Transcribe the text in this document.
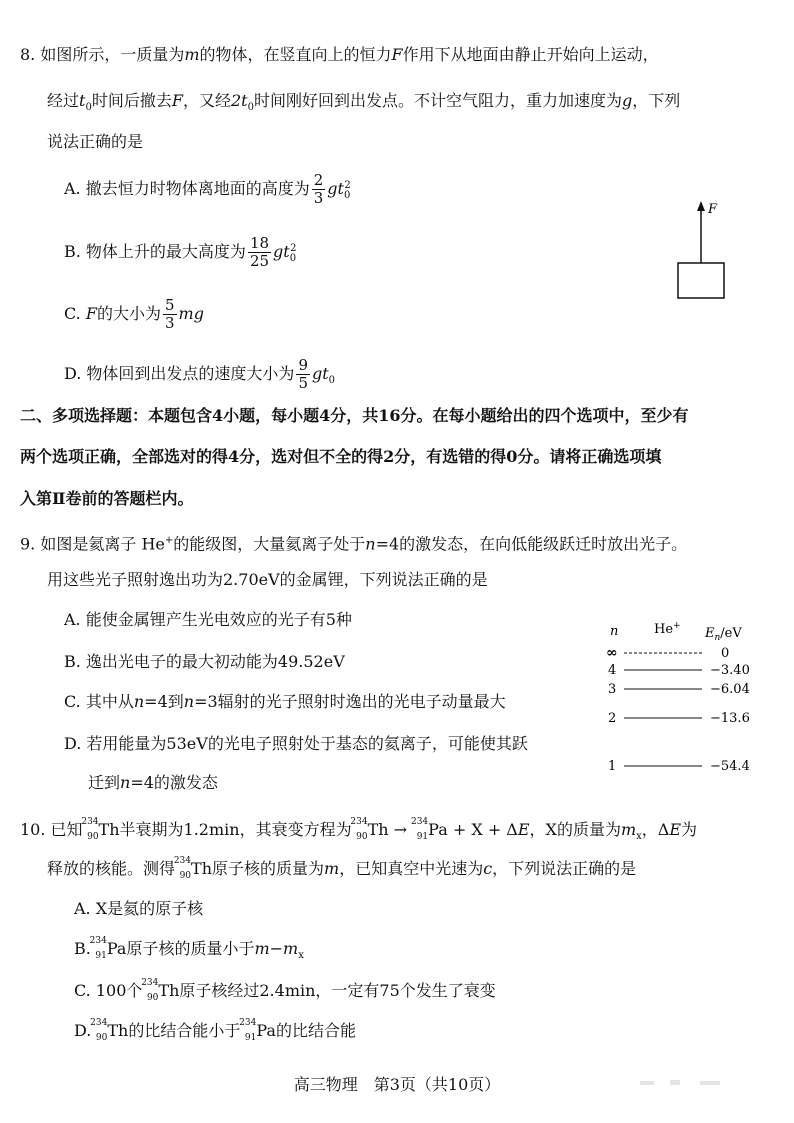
8. 如图所示，一质量为m的物体，在竖直向上的恒力F作用下从地面由静止开始向上运动，
经过$t_0$时间后撤去F，又经$2t_0$时间刚好回到出发点。不计空气阻力，重力加速度为g，下列
说法正确的是
A. 撤去恒力时物体离地面的高度为 $\frac{2}{3} gt_0^2$
B. 物体上升的最大高度为 $\frac{18}{25} gt_0^2$
C. F的大小为 $\frac{5}{3}$ mg
D. 物体回到出发点的速度大小为 $\frac{9}{5} gt_0$
F
二、多项选择题：本题包含4小题，每小题4分，共16分。在每小题给出的四个选项中，至少有
两个选项正确，全部选对的得4分，选对但不全的得2分，有选错的得0分。请将正确选项填
入第Ⅱ卷前的答题栏内。
9. 如图是氦离子 He+的能级图，大量氦离子处于n=4的激发态，在向低能级跃迁时放出光子。
用这些光子照射逸出功为2.70eV的金属锂，下列说法正确的是
A. 能使金属锂产生光电效应的光子有5种
B. 逸出光电子的最大初动能为49.52eV
C. 其中从n=4到n=3辐射的光子照射时逸出的光电子动量最大
D. 若用能量为53eV的光电子照射处于基态的氦离子，可能使其跃
迁到n=4的激发态
n	He+ $E_n/eV$
∞	0
4	−3.40
3	−6.04
2	−13.6
1	−54.4
10. 已知
234
90 Th半衰期为1.2min，其衰变方程为
234
90 Th → 234
91 Pa + X + ΔE，X的质量为$m_x$，ΔE为
释放的核能。测得
234
90 Th原子核的质量为m，已知真空中光速为c，下列说法正确的是
A. X是氦的原子核
B.
234
91 Pa原子核的质量小于$m-m_x$
C. 100个
234
90 Th原子核经过2.4min，一定有75个发生了衰变
D.
234
90 Th的比结合能小于
234
91 Pa的比结合能
高三物理　第3页（共10页）
